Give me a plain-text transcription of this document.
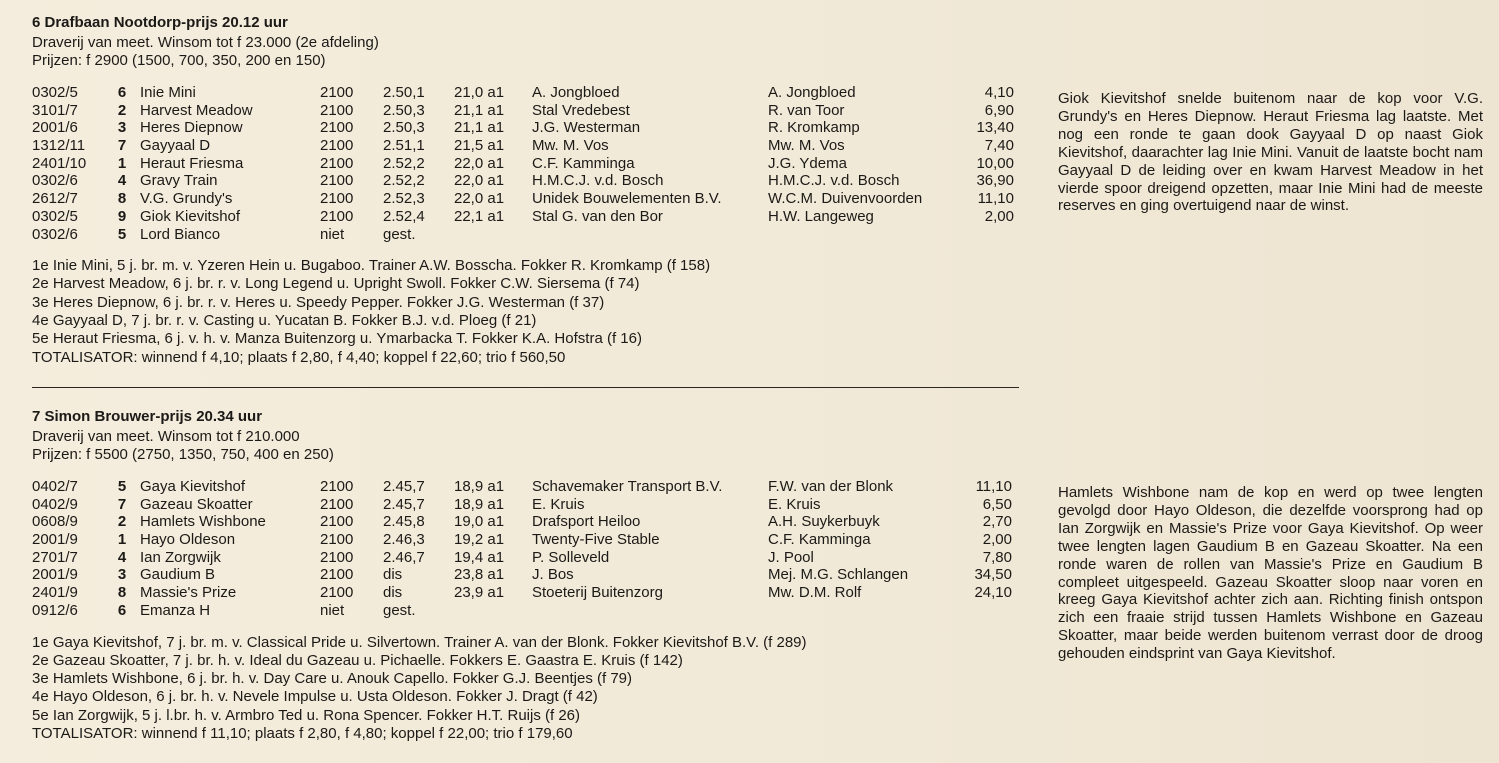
6 Drafbaan Nootdorp-prijs 20.12 uur
Draverij van meet. Winsom tot f 23.000 (2e afdeling)
Prijzen: f 2900 (1500, 700, 350, 200 en 150)
0302/5	6 Inie Mini	2100 2.50,1 21,0 a1 A. Jongbloed	A. Jongbloed	4,10
3101/7	2 Harvest Meadow	2100 2.50,3 21,1 a1 Stal Vredebest	R. van Toor	6,90
2001/6	3 Heres Diepnow	2100 2.50,3 21,1 a1 J.G. Westerman	R. Kromkamp	13,40
1312/11 7 Gayyaal D	2100 2.51,1 21,5 a1 Mw. M. Vos	Mw. M. Vos	7,40
2401/10 1 Heraut Friesma	2100 2.52,2 22,0 a1 C.F. Kamminga	J.G. Ydema	10,00
0302/6	4 Gravy Train	2100 2.52,2 22,0 a1 H.M.C.J. v.d. Bosch	H.M.C.J. v.d. Bosch	36,90
2612/7	8 V.G. Grundy's	2100 2.52,3 22,0 a1 Unidek Bouwelementen B.V.	W.C.M. Duivenvoorden	11,10
0302/5	9 Giok Kievitshof	2100 2.52,4 22,1 a1 Stal G. van den Bor	H.W. Langeweg	2,00
0302/6	5 Lord Bianco	niet	gest.
1e Inie Mini, 5 j. br. m. v. Yzeren Hein u. Bugaboo. Trainer A.W. Bosscha. Fokker R. Kromkamp (f 158)
2e Harvest Meadow, 6 j. br. r. v. Long Legend u. Upright Swoll. Fokker C.W. Siersema (f 74)
3e Heres Diepnow, 6 j. br. r. v. Heres u. Speedy Pepper. Fokker J.G. Westerman (f 37)
4e Gayyaal D, 7 j. br. r. v. Casting u. Yucatan B. Fokker B.J. v.d. Ploeg (f 21)
5e Heraut Friesma, 6 j. v. h. v. Manza Buitenzorg u. Ymarbacka T. Fokker K.A. Hofstra (f 16)
TOTALISATOR: winnend f 4,10; plaats f 2,80, f 4,40; koppel f 22,60; trio f 560,50
Giok Kievitshof snelde buitenom naar de kop voor V.G. Grundy's en Heres Diepnow. Heraut Friesma lag laatste. Met nog een ronde te gaan dook Gayyaal D op naast Giok Kievitshof, daarachter lag Inie Mini. Vanuit de laatste bocht nam Gayyaal D de leiding over en kwam Harvest Meadow in het vierde spoor dreigend opzetten, maar Inie Mini had de meeste reserves en ging overtuigend naar de winst.
7 Simon Brouwer-prijs 20.34 uur
Draverij van meet. Winsom tot f 210.000
Prijzen: f 5500 (2750, 1350, 750, 400 en 250)
0402/7	5 Gaya Kievitshof	2100 2.45,7 18,9 a1 Schavemaker Transport B.V.	F.W. van der Blonk	11,10
0402/9	7 Gazeau Skoatter	2100 2.45,7 18,9 a1 E. Kruis	E. Kruis	6,50
0608/9	2 Hamlets Wishbone	2100 2.45,8 19,0 a1 Drafsport Heiloo	A.H. Suykerbuyk	2,70
2001/9	1 Hayo Oldeson	2100 2.46,3 19,2 a1 Twenty-Five Stable	C.F. Kamminga	2,00
2701/7	4 Ian Zorgwijk	2100 2.46,7 19,4 a1 P. Solleveld	J. Pool	7,80
2001/9	3 Gaudium B	2100 dis	23,8 a1 J. Bos	Mej. M.G. Schlangen	34,50
2401/9	8 Massie's Prize	2100 dis	23,9 a1 Stoeterij Buitenzorg	Mw. D.M. Rolf	24,10
0912/6	6 Emanza H	niet	gest.
1e Gaya Kievitshof, 7 j. br. m. v. Classical Pride u. Silvertown. Trainer A. van der Blonk. Fokker Kievitshof B.V. (f 289)
2e Gazeau Skoatter, 7 j. br. h. v. Ideal du Gazeau u. Pichaelle. Fokkers E. Gaastra E. Kruis (f 142)
3e Hamlets Wishbone, 6 j. br. h. v. Day Care u. Anouk Capello. Fokker G.J. Beentjes (f 79)
4e Hayo Oldeson, 6 j. br. h. v. Nevele Impulse u. Usta Oldeson. Fokker J. Dragt (f 42)
5e Ian Zorgwijk, 5 j. l.br. h. v. Armbro Ted u. Rona Spencer. Fokker H.T. Ruijs (f 26)
TOTALISATOR: winnend f 11,10; plaats f 2,80, f 4,80; koppel f 22,00; trio f 179,60
Hamlets Wishbone nam de kop en werd op twee lengten gevolgd door Hayo Oldeson, die dezelfde voorsprong had op Ian Zorgwijk en Massie's Prize voor Gaya Kievitshof. Op weer twee lengten lagen Gaudium B en Gazeau Skoatter. Na een ronde waren de rollen van Massie's Prize en Gaudium B compleet uitgespeeld. Gazeau Skoatter sloop naar voren en kreeg Gaya Kievitshof achter zich aan. Richting finish ontspon zich een fraaie strijd tussen Hamlets Wishbone en Gazeau Skoatter, maar beide werden buitenom verrast door de droog gehouden eindsprint van Gaya Kievitshof.
